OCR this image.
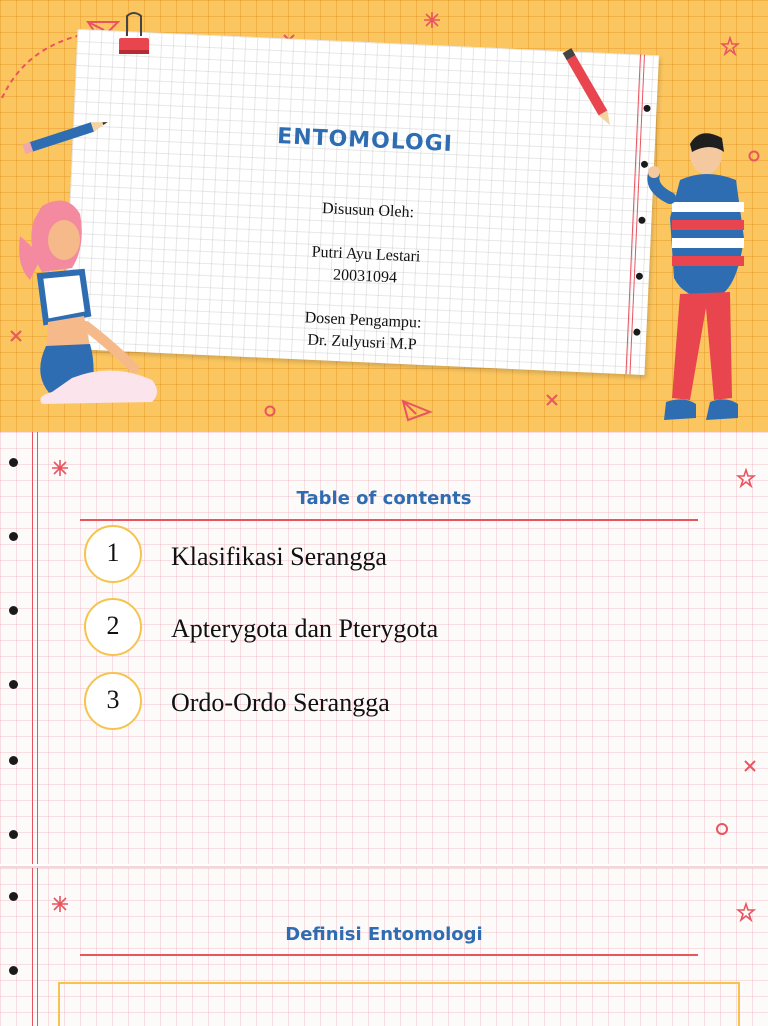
ENTOMOLOGI
Disusun Oleh:
Putri Ayu Lestari
20031094
Dosen Pengampu:
Dr. Zulyusri M.P
Table of contents
1	Klasifikasi Serangga
2	Apterygota dan Pterygota
3	Ordo-Ordo Serangga
Definisi Entomologi
